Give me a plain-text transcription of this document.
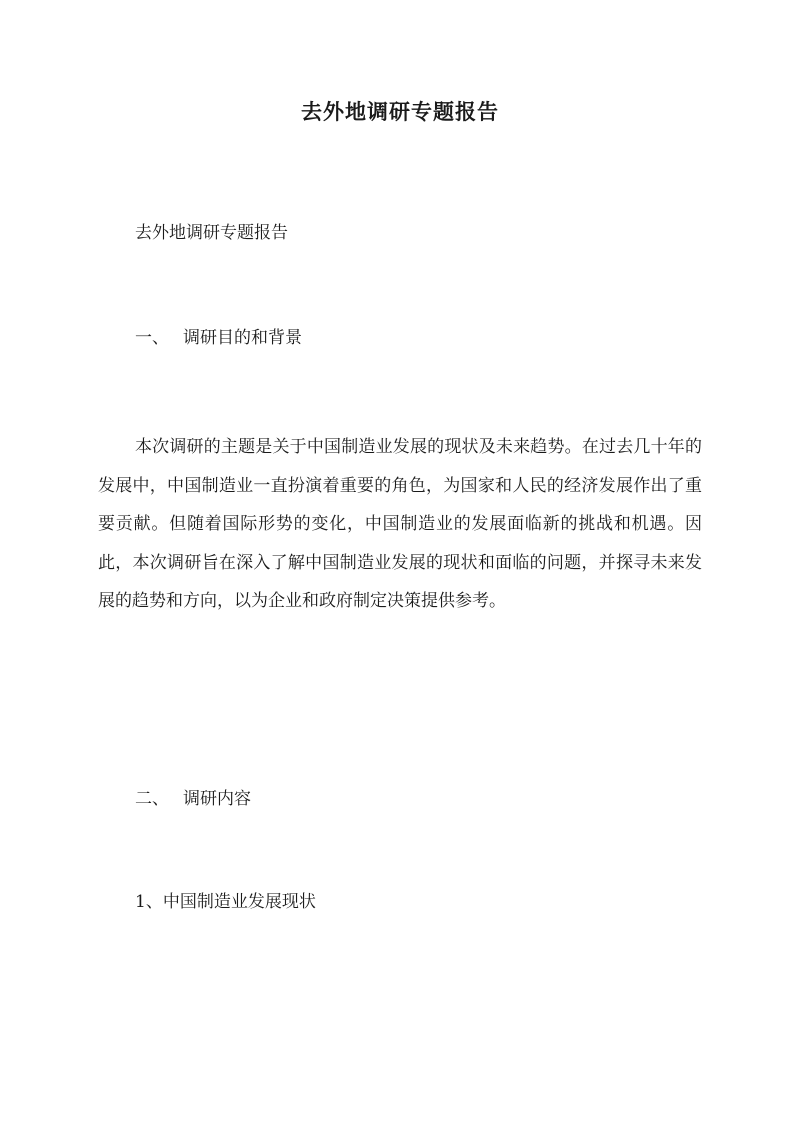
去外地调研专题报告

去外地调研专题报告

一、 调研目的和背景

本次调研的主题是关于中国制造业发展的现状及未来趋势。在过去几十年的发展中，中国制造业一直扮演着重要的角色，为国家和人民的经济发展作出了重要贡献。但随着国际形势的变化，中国制造业的发展面临新的挑战和机遇。因此，本次调研旨在深入了解中国制造业发展的现状和面临的问题，并探寻未来发展的趋势和方向，以为企业和政府制定决策提供参考。

二、 调研内容

1、中国制造业发展现状
